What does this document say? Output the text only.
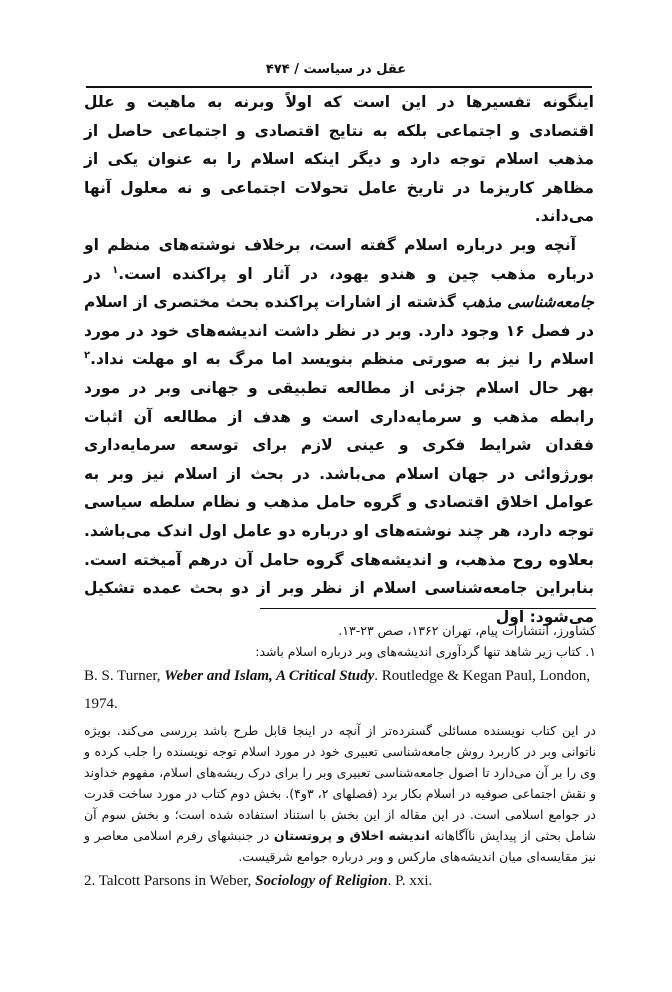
عقل در سیاست / ۴۷۴

اینگونه تفسیرها در این است که اولاً وبرنه به ماهیت و علل اقتصادی و اجتماعی بلکه به نتایج اقتصادی و اجتماعی حاصل از مذهب اسلام توجه دارد و دیگر اینکه اسلام را به عنوان یکی از مظاهر کاریزما در تاریخ عامل تحولات اجتماعی و نه معلول آنها می‌داند.

آنچه وبر درباره اسلام گفته است، برخلاف نوشته‌های منظم او درباره مذهب چین و هندو یهود، در آثار او پراکنده است.$^۱$ در جامعه‌شناسی مذهب گذشته از اشارات پراکنده بحث مختصری از اسلام در فصل ۱۶ وجود دارد. وبر در نظر داشت اندیشه‌های خود در مورد اسلام را نیز به صورتی منظم بنویسد اما مرگ به او مهلت نداد.$^۲$ بهر حال اسلام جزئی از مطالعه تطبیقی و جهانی وبر در مورد رابطه مذهب و سرمایه‌داری است و هدف از مطالعه آن اثبات فقدان شرایط فکری و عینی لازم برای توسعه سرمایه‌داری بورژوائی در جهان اسلام می‌باشد. در بحث از اسلام نیز وبر به عوامل اخلاق اقتصادی و گروه حامل مذهب و نظام سلطه سیاسی توجه دارد، هر چند نوشته‌های او درباره دو عامل اول اندک می‌باشد. بعلاوه روح مذهب، و اندیشه‌های گروه حامل آن درهم آمیخته است.

بنابراین جامعه‌شناسی اسلام از نظر وبر از دو بحث عمده تشکیل می‌شود: اول

کشاورز، انتشارات پیام، تهران ۱۳۶۲، صص ۲۳-۱۳.

۱. کتاب زیر شاهد تنها گردآوری اندیشه‌های وبر درباره اسلام باشد:

B. S. Turner, Weber and Islam, A Critical Study. Routledge & Kegan Paul, London, 1974.

در این کتاب نویسنده مسائلی گسترده‌تر از آنچه در اینجا قابل طرح باشد بررسی می‌کند. بویژه ناتوانی وبر در کاربرد روش جامعه‌شناسی تعبیری خود در مورد اسلام توجه نویسنده را جلب کرده و وی را بر آن می‌دارد تا اصول جامعه‌شناسی تعبیری وبر را برای درک ریشه‌های اسلام، مفهوم خداوند و نقش اجتماعی صوفیه در اسلام بکار برد (فصلهای ۲، ۳و۴). بخش دوم کتاب در مورد ساخت قدرت در جوامع اسلامی است. در این مقاله از این بخش با استناد استفاده شده است؛ و بخش سوم آن شامل بحثی از پیدایش ناآگاهانه اندیشه اخلاق و پروتستان در جنبشهای رفرم اسلامی معاصر و نیز مقایسه‌ای میان اندیشه‌های مارکس و وبر درباره جوامع شرقیست.

2. Talcott Parsons in Weber, Sociology of Religion. P. xxi.
